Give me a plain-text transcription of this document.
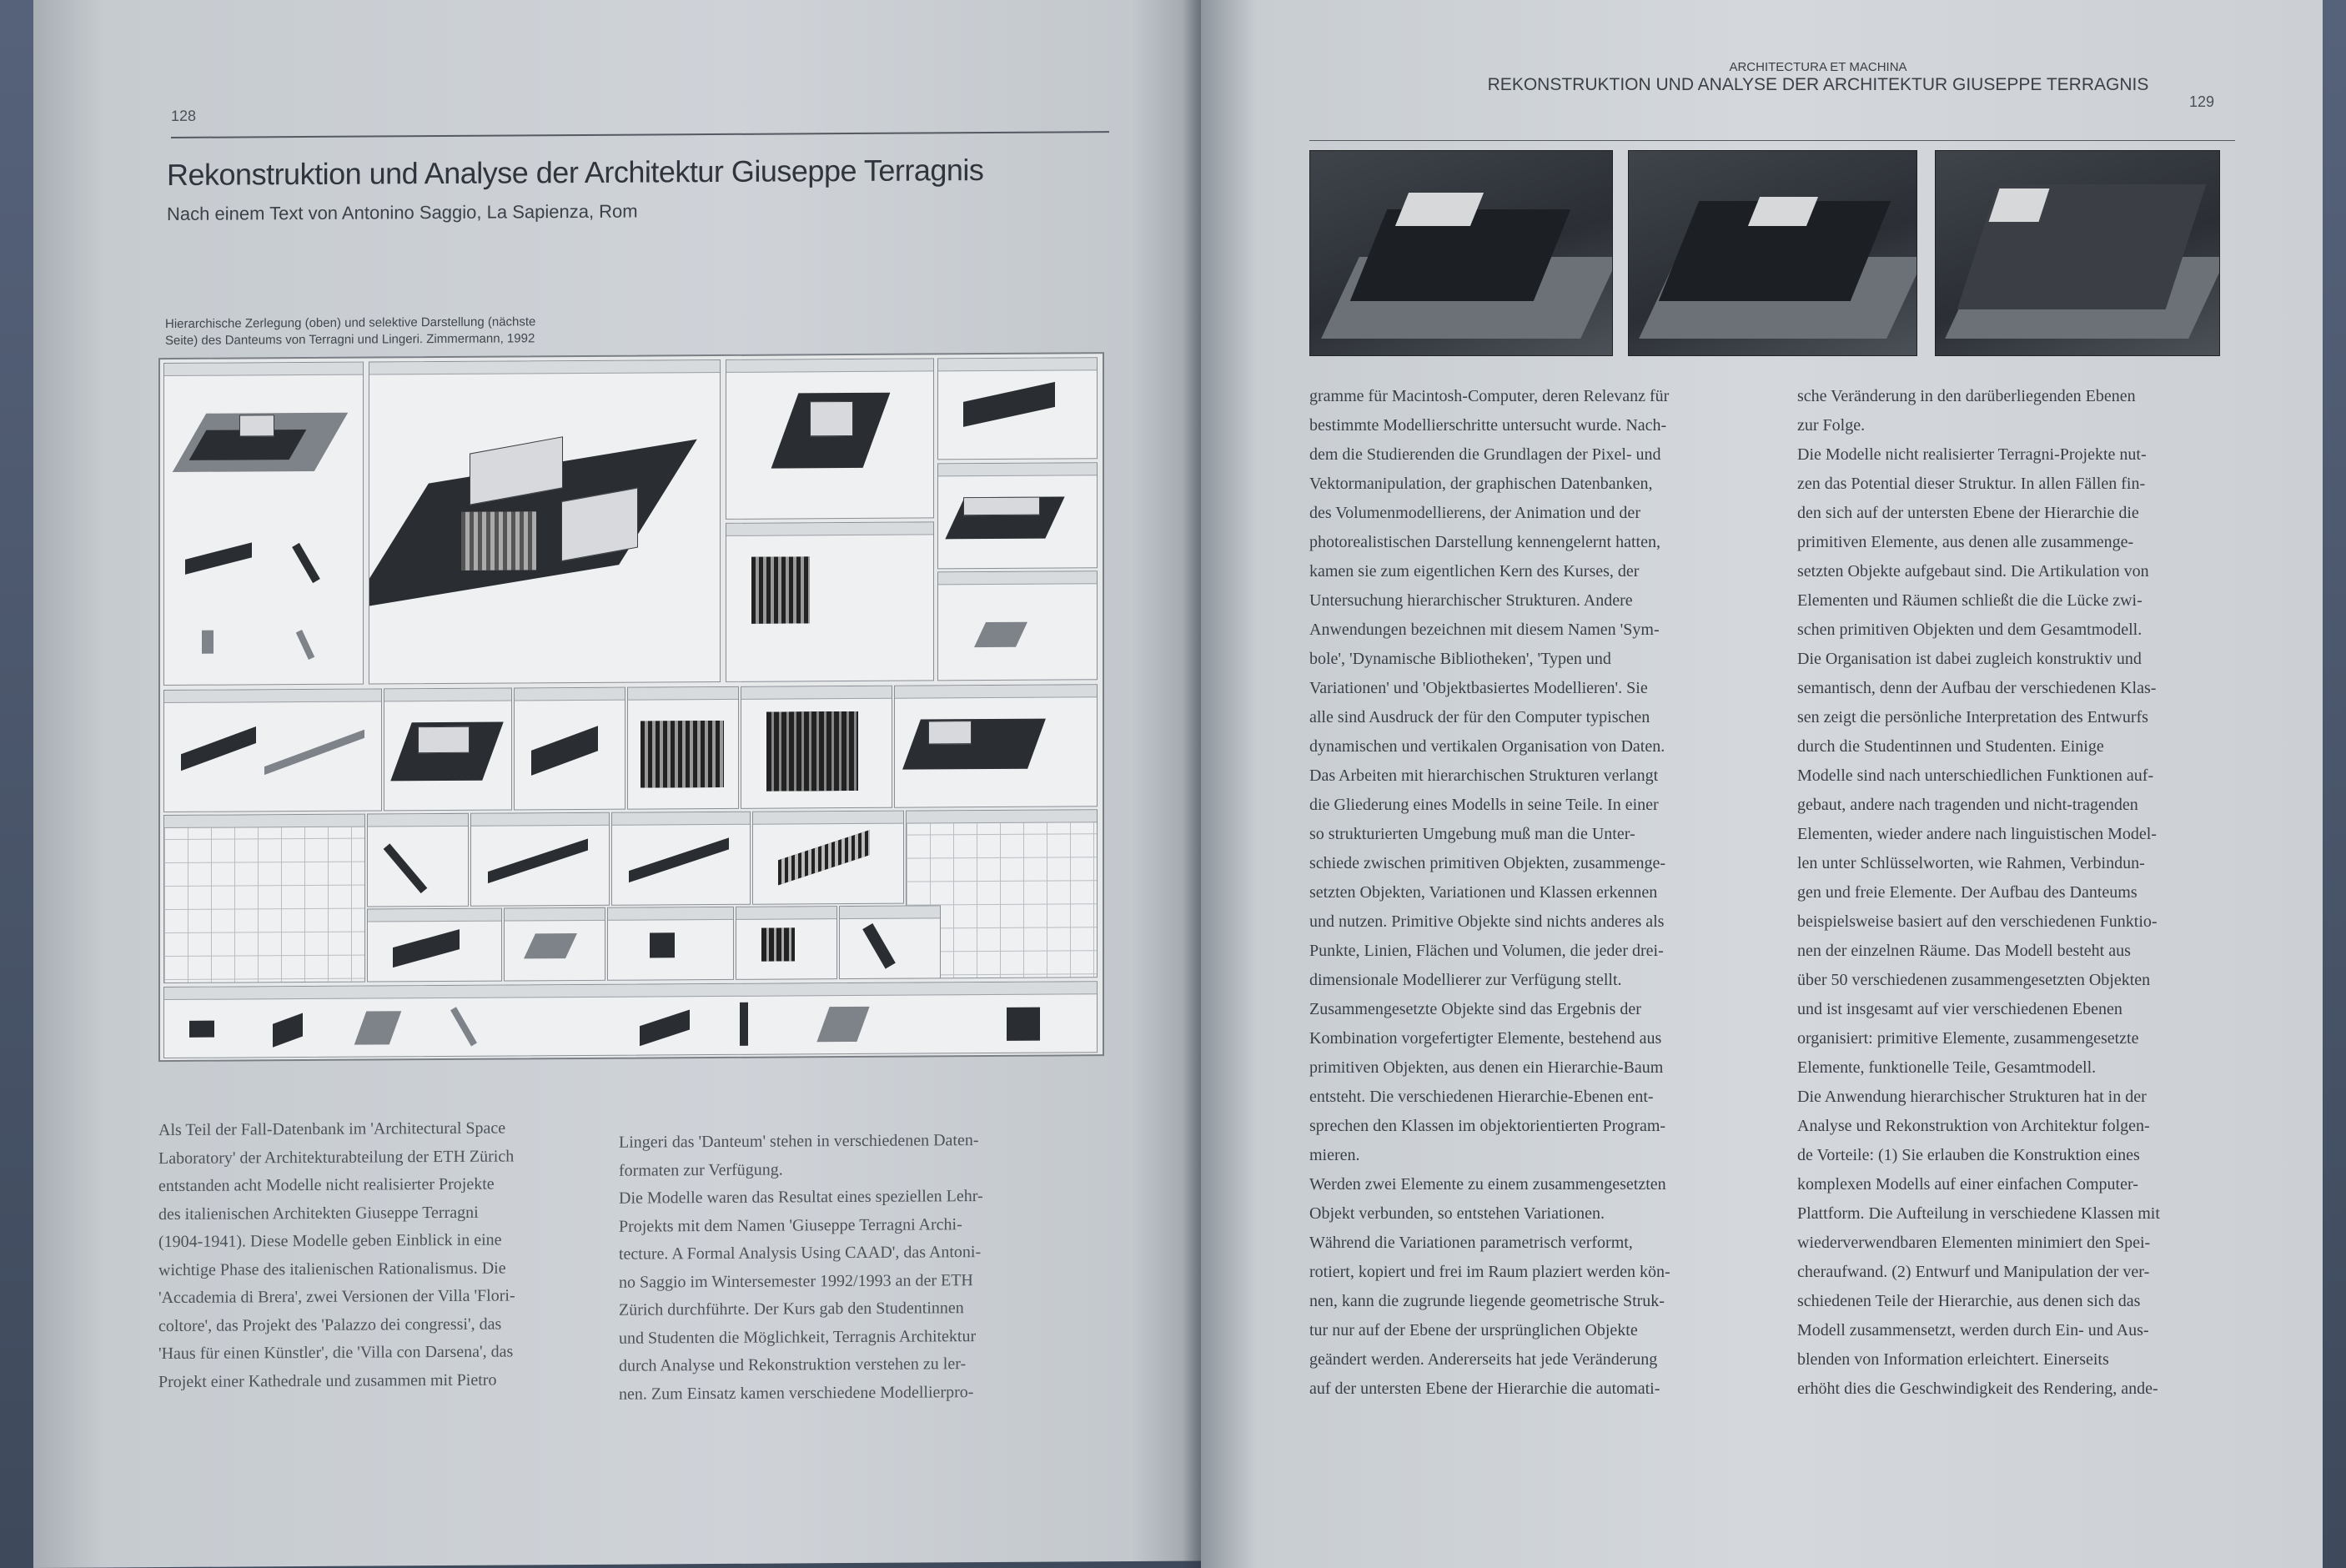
128
Rekonstruktion und Analyse der Architektur Giuseppe Terragnis
Nach einem Text von Antonino Saggio, La Sapienza, Rom
Hierarchische Zerlegung (oben) und selektive Darstellung (nächste
Seite) des Danteums von Terragni und Lingeri. Zimmermann, 1992

Als Teil der Fall-Datenbank im 'Architectural Space

Laboratory' der Architekturabteilung der ETH Zürich

entstanden acht Modelle nicht realisierter Projekte

des italienischen Architekten Giuseppe Terragni

(1904-1941). Diese Modelle geben Einblick in eine

wichtige Phase des italienischen Rationalismus. Die

'Accademia di Brera', zwei Versionen der Villa 'Flori-

coltore', das Projekt des 'Palazzo dei congressi', das

'Haus für einen Künstler', die 'Villa con Darsena', das

Projekt einer Kathedrale und zusammen mit Pietro

Lingeri das 'Danteum' stehen in verschiedenen Daten-

formaten zur Verfügung.

Die Modelle waren das Resultat eines speziellen Lehr-

Projekts mit dem Namen 'Giuseppe Terragni Archi-

tecture. A Formal Analysis Using CAAD', das Antoni-

no Saggio im Wintersemester 1992/1993 an der ETH

Zürich durchführte. Der Kurs gab den Studentinnen

und Studenten die Möglichkeit, Terragnis Architektur

durch Analyse und Rekonstruktion verstehen zu ler-

nen. Zum Einsatz kamen verschiedene Modellierpro-

ARCHITECTURA ET MACHINA
REKONSTRUKTION UND ANALYSE DER ARCHITEKTUR GIUSEPPE TERRAGNIS
129

gramme für Macintosh-Computer, deren Relevanz für

bestimmte Modellierschritte untersucht wurde. Nach-

dem die Studierenden die Grundlagen der Pixel- und

Vektormanipulation, der graphischen Datenbanken,

des Volumenmodellierens, der Animation und der

photorealistischen Darstellung kennengelernt hatten,

kamen sie zum eigentlichen Kern des Kurses, der

Untersuchung hierarchischer Strukturen. Andere

Anwendungen bezeichnen mit diesem Namen 'Sym-

bole', 'Dynamische Bibliotheken', 'Typen und

Variationen' und 'Objektbasiertes Modellieren'. Sie

alle sind Ausdruck der für den Computer typischen

dynamischen und vertikalen Organisation von Daten.

Das Arbeiten mit hierarchischen Strukturen verlangt

die Gliederung eines Modells in seine Teile. In einer

so strukturierten Umgebung muß man die Unter-

schiede zwischen primitiven Objekten, zusammenge-

setzten Objekten, Variationen und Klassen erkennen

und nutzen. Primitive Objekte sind nichts anderes als

Punkte, Linien, Flächen und Volumen, die jeder drei-

dimensionale Modellierer zur Verfügung stellt.

Zusammengesetzte Objekte sind das Ergebnis der

Kombination vorgefertigter Elemente, bestehend aus

primitiven Objekten, aus denen ein Hierarchie-Baum

entsteht. Die verschiedenen Hierarchie-Ebenen ent-

sprechen den Klassen im objektorientierten Program-

mieren.

Werden zwei Elemente zu einem zusammengesetzten

Objekt verbunden, so entstehen Variationen.

Während die Variationen parametrisch verformt,

rotiert, kopiert und frei im Raum plaziert werden kön-

nen, kann die zugrunde liegende geometrische Struk-

tur nur auf der Ebene der ursprünglichen Objekte

geändert werden. Andererseits hat jede Veränderung

auf der untersten Ebene der Hierarchie die automati-

sche Veränderung in den darüberliegenden Ebenen

zur Folge.

Die Modelle nicht realisierter Terragni-Projekte nut-

zen das Potential dieser Struktur. In allen Fällen fin-

den sich auf der untersten Ebene der Hierarchie die

primitiven Elemente, aus denen alle zusammenge-

setzten Objekte aufgebaut sind. Die Artikulation von

Elementen und Räumen schließt die die Lücke zwi-

schen primitiven Objekten und dem Gesamtmodell.

Die Organisation ist dabei zugleich konstruktiv und

semantisch, denn der Aufbau der verschiedenen Klas-

sen zeigt die persönliche Interpretation des Entwurfs

durch die Studentinnen und Studenten. Einige

Modelle sind nach unterschiedlichen Funktionen auf-

gebaut, andere nach tragenden und nicht-tragenden

Elementen, wieder andere nach linguistischen Model-

len unter Schlüsselworten, wie Rahmen, Verbindun-

gen und freie Elemente. Der Aufbau des Danteums

beispielsweise basiert auf den verschiedenen Funktio-

nen der einzelnen Räume. Das Modell besteht aus

über 50 verschiedenen zusammengesetzten Objekten

und ist insgesamt auf vier verschiedenen Ebenen

organisiert: primitive Elemente, zusammengesetzte

Elemente, funktionelle Teile, Gesamtmodell.

Die Anwendung hierarchischer Strukturen hat in der

Analyse und Rekonstruktion von Architektur folgen-

de Vorteile: (1) Sie erlauben die Konstruktion eines

komplexen Modells auf einer einfachen Computer-

Plattform. Die Aufteilung in verschiedene Klassen mit

wiederverwendbaren Elementen minimiert den Spei-

cheraufwand. (2) Entwurf und Manipulation der ver-

schiedenen Teile der Hierarchie, aus denen sich das

Modell zusammensetzt, werden durch Ein- und Aus-

blenden von Information erleichtert. Einerseits

erhöht dies die Geschwindigkeit des Rendering, ande-
